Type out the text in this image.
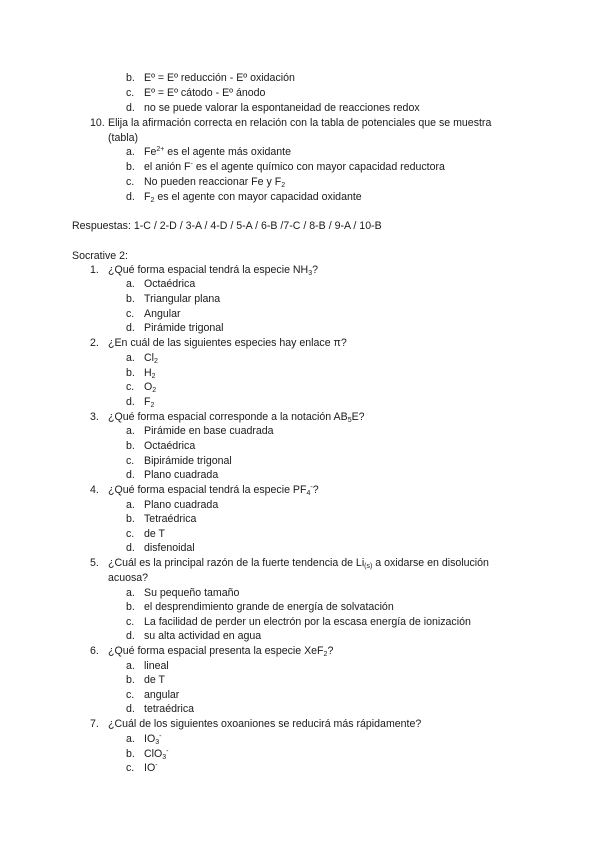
b. Eº = Eº reducción - Eº oxidación
c. Eº = Eº cátodo - Eº ánodo
d. no se puede valorar la espontaneidad de reacciones redox
10. Elija la afirmación correcta en relación con la tabla de potenciales que se muestra
(tabla)
a. $Fe^{2+}$ es el agente más oxidante
b. el anión F- es el agente químico con mayor capacidad reductora
c. No pueden reaccionar Fe y $F_2$
d. $F_2$ es el agente con mayor capacidad oxidante
Respuestas: 1-C / 2-D / 3-A / 4-D / 5-A / 6-B /7-C / 8-B / 9-A / 10-B
Socrative 2:
1. ¿Qué forma espacial tendrá la especie $NH_3$?
a. Octaédrica
b. Triangular plana
c. Angular
d. Pirámide trigonal
2. ¿En cuál de las siguientes especies hay enlace π?
a. $Cl_2$
b. $H_2$
c. $O_2$
d. $F_2$
3. ¿Qué forma espacial corresponde a la notación $AB_5E$?
a. Pirámide en base cuadrada
b. Octaédrica
c. Bipirámide trigonal
d. Plano cuadrada
4. ¿Qué forma espacial tendrá la especie $PF_4^-$?
a. Plano cuadrada
b. Tetraédrica
c. de T
d. disfenoidal
5. ¿Cuál es la principal razón de la fuerte tendencia de $Li_{(s)}$ a oxidarse en disolución
acuosa?
a. Su pequeño tamaño
b. el desprendimiento grande de energía de solvatación
c. La facilidad de perder un electrón por la escasa energía de ionización
d. su alta actividad en agua
6. ¿Qué forma espacial presenta la especie XeF$_2$?
a. lineal
b. de T
c. angular
d. tetraédrica
7. ¿Cuál de los siguientes oxoaniones se reducirá más rápidamente?
a. $IO_3^-$
b. ClO$_3$-
c. IO-
